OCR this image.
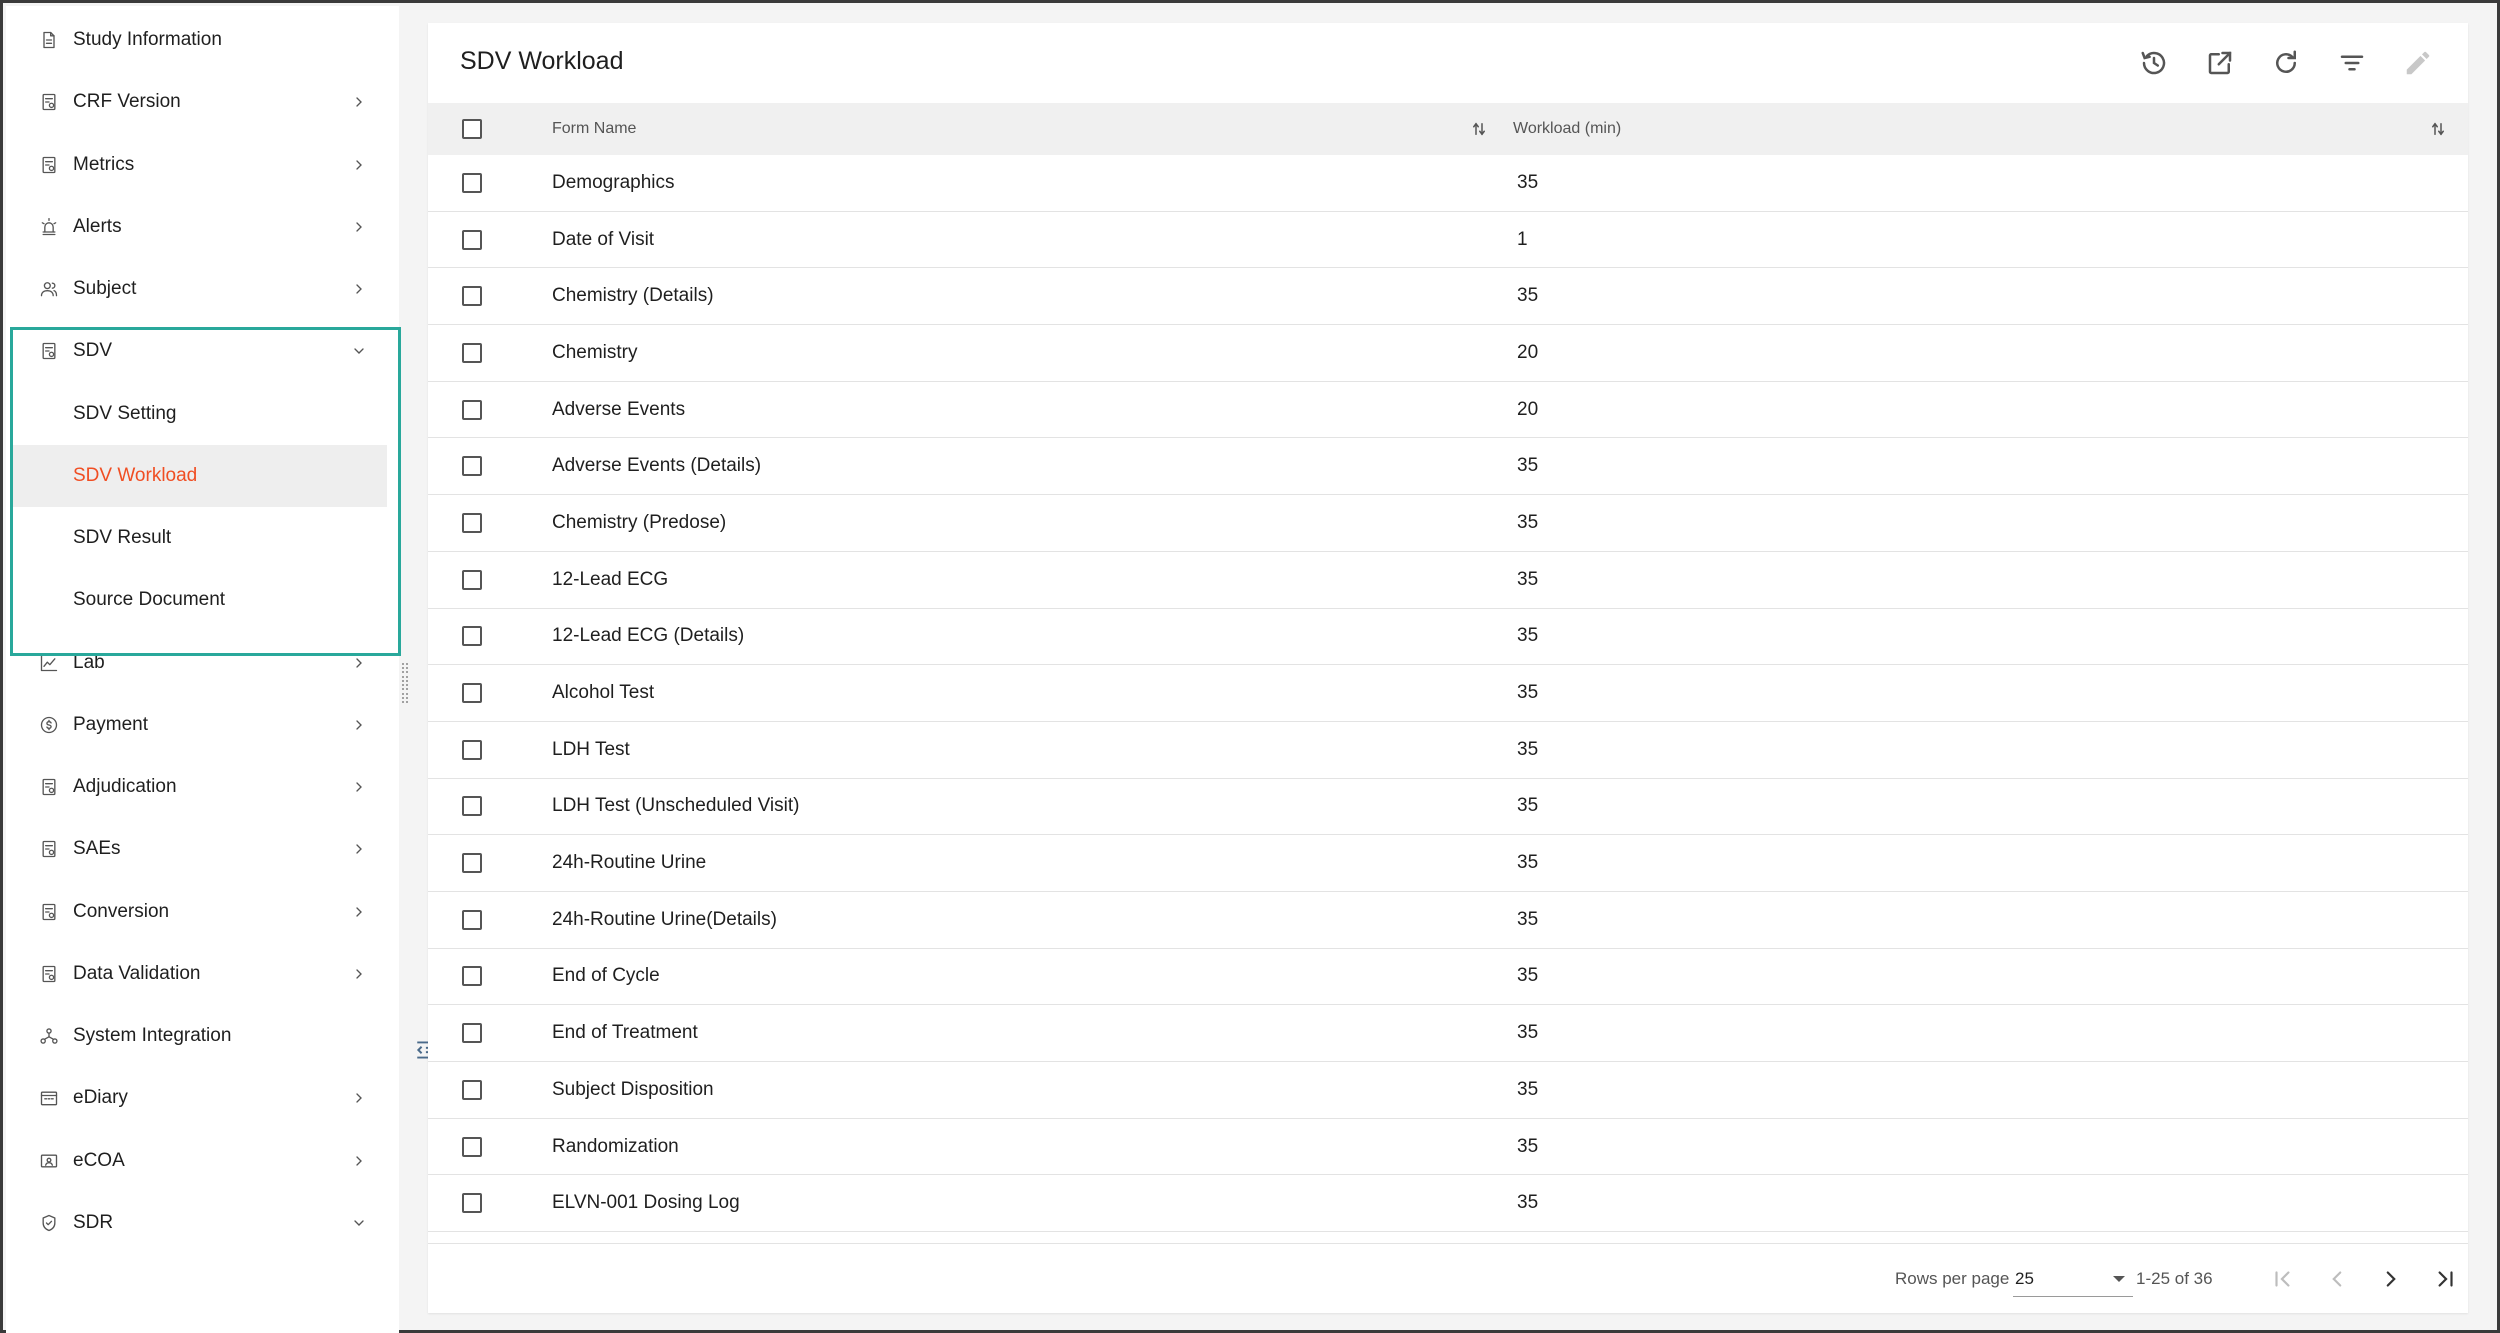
Study Information
CRF Version
Metrics
Alerts
Subject
SDV
SDV Setting
SDV Workload
SDV Result
Source Document
Lab
Payment
Adjudication
SAEs
Conversion
Data Validation
System Integration
eDiary
eCOA
SDR
SDV Workload
Form Name	Workload (min)
Demographics	35
Date of Visit	1
Chemistry (Details)	35
Chemistry	20
Adverse Events	20
Adverse Events (Details)	35
Chemistry (Predose)	35
12-Lead ECG	35
12-Lead ECG (Details)	35
Alcohol Test	35
LDH Test	35
LDH Test (Unscheduled Visit)	35
24h-Routine Urine	35
24h-Routine Urine(Details)	35
End of Cycle	35
End of Treatment	35
Subject Disposition	35
Randomization	35
ELVN-001 Dosing Log	35
Rows per page 25	1-25 of 36
